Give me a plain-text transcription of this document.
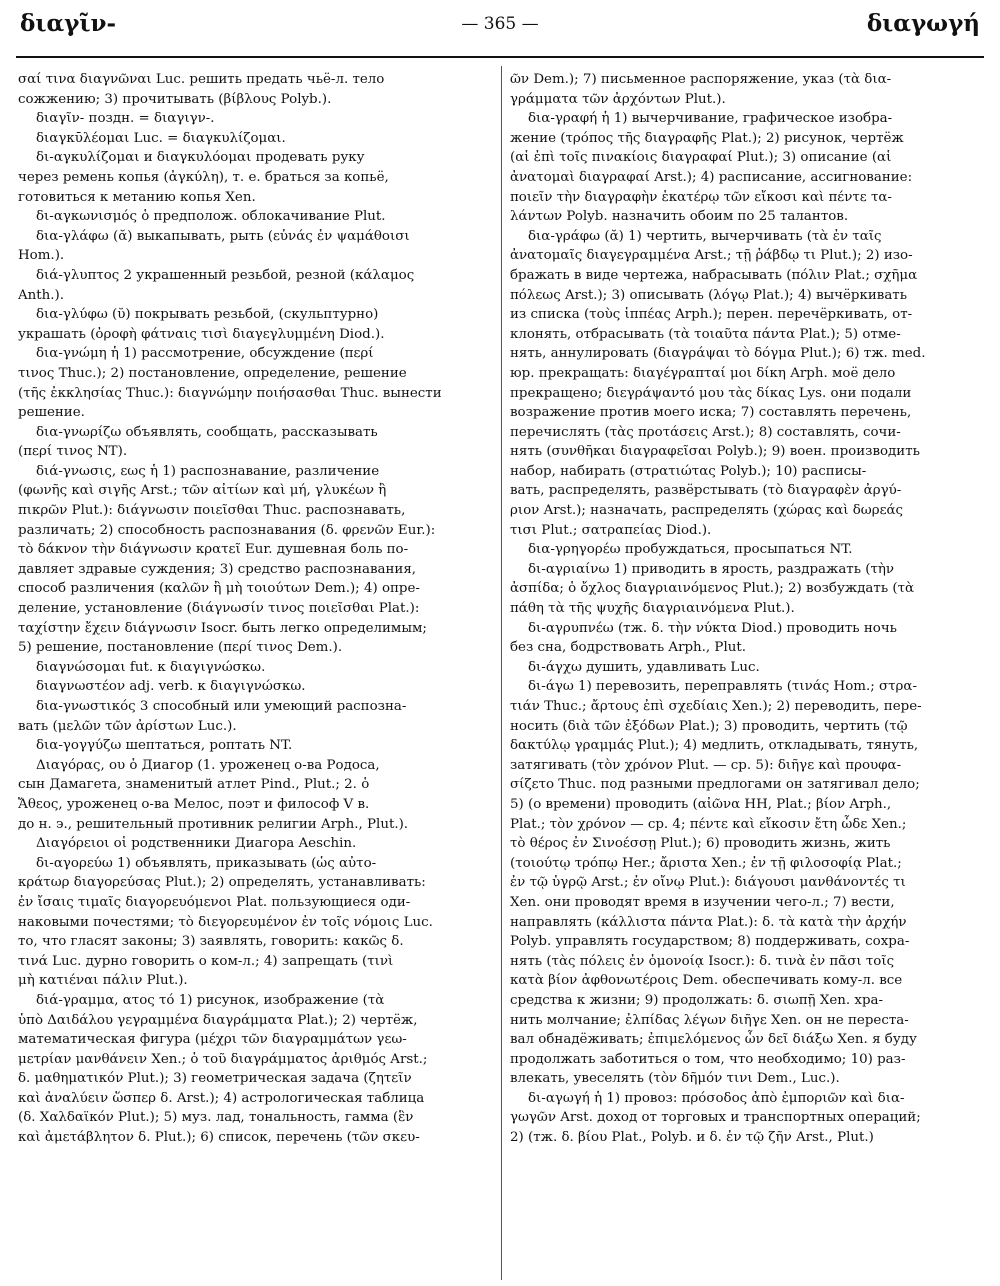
διαγῖν-	— 365 —	διαγωγή

σαί τινα διαγνῶναι Luc. решить предать чьё-л. тело

сожжению; 3) прочитывать (βίβλους Polyb.).

διαγῖν- поздн. = διαγιγν-.

διαγκῡλέομαι Luc. = διαγκυλίζομαι.

δι-αγκυλίζομαι и διαγκυλόομαι продевать руку

через ремень копья (ἀγκύλη), т. е. браться за копьё,

готовиться к метанию копья Xen.

δι-αγκωνισμός ὁ предполож. облокачивание Plut.

δια-γλάφω (ᾰ) выкапывать, рыть (εὐνάς ἐν ψαμάθοισι

Hom.).

διά-γλυπτος 2 украшенный резьбой, резной (κάλαμος

Anth.).

δια-γλύφω (ῠ) покрывать резьбой, (скульптурно)

украшать (ὀροφὴ φάτναις τισὶ διαγεγλυμμένη Diod.).

δια-γνώμη ἡ 1) рассмотрение, обсуждение (περί

τινος Thuc.); 2) постановление, определение, решение

(τῆς ἐκκλησίας Thuc.): διαγνώμην ποιήσασθαι Thuc. вынести

решение.

δια-γνωρίζω объявлять, сообщать, рассказывать

(περί τινος NT).

διά-γνωσις, εως ἡ 1) распознавание, различение

(φωνῆς καὶ σιγῆς Arst.; τῶν αἰτίων καὶ μή, γλυκέων ἢ

πικρῶν Plut.): διάγνωσιν ποιεῖσθαι Thuc. распознавать,

различать; 2) способность распознавания (δ. φρενῶν Eur.):

τὸ δάκνον τὴν διάγνωσιν κρατεῖ Eur. душевная боль по-

давляет здравые суждения; 3) средство распознавания,

способ различения (καλῶν ἢ μὴ τοιούτων Dem.); 4) опре-

деление, установление (διάγνωσίν τινος ποιεῖσθαι Plat.):

ταχίστην ἔχειν διάγνωσιν Isocr. быть легко определимым;

5) решение, постановление (περί τινος Dem.).

διαγνώσομαι fut. к διαγιγνώσκω.

διαγνωστέον adj. verb. к διαγιγνώσκω.

δια-γνωστικός 3 способный или умеющий распозна-

вать (μελῶν τῶν ἀρίστων Luc.).

δια-γογγύζω шептаться, роптать NT.

Διαγόρας, ου ὁ Диагор (1. уроженец о-ва Родоса,

сын Дамагета, знаменитый атлет Pind., Plut.; 2. ὁ

Ἄθεος, уроженец о-ва Мелос, поэт и философ V в.

до н. э., решительный противник религии Arph., Plut.).

Διαγόρειοι οἱ родственники Диагора Aeschin.

δι-αγορεύω 1) объявлять, приказывать (ὡς αὐτο-

κράτωρ διαγορεύσας Plut.); 2) определять, устанавливать:

ἐν ἴσαις τιμαῖς διαγορευόμενοι Plat. пользующиеся оди-

наковыми почестями; τὸ διεγορευμένον ἐν τοῖς νόμοις Luc.

то, что гласят законы; 3) заявлять, говорить: κακῶς δ.

τινά Luc. дурно говорить о ком-л.; 4) запрещать (τινὶ

μὴ κατιέναι πάλιν Plut.).

διά-γραμμα, ατος τό 1) рисунок, изображение (τὰ

ὑπὸ Δαιδάλου γεγραμμένα διαγράμματα Plat.); 2) чертёж,

математическая фигура (μέχρι τῶν διαγραμμάτων γεω-

μετρίαν μανθάνειν Xen.; ὁ τοῦ διαγράμματος ἀριθμός Arst.;

δ. μαθηματικόν Plut.); 3) геометрическая задача (ζητεῖν

καὶ ἀναλύειν ὥσπερ δ. Arst.); 4) астрологическая таблица

(δ. Χαλδαϊκόν Plut.); 5) муз. лад, тональность, гамма (ἓν

καὶ ἀμετάβλητον δ. Plut.); 6) список, перечень (τῶν σκευ-

ῶν Dem.); 7) письменное распоряжение, указ (τὰ δια-

γράμματα τῶν ἀρχόντων Plut.).

δια-γραφή ἡ 1) вычерчивание, графическое изобра-

жение (τρόπος τῆς διαγραφῆς Plat.); 2) рисунок, чертёж

(αἱ ἐπὶ τοῖς πινακίοις διαγραφαί Plut.); 3) описание (αἱ

ἀνατομαὶ διαγραφαί Arst.); 4) расписание, ассигнование:

ποιεῖν τὴν διαγραφὴν ἑκατέρῳ τῶν εἴκοσι καὶ πέντε τα-

λάντων Polyb. назначить обоим по 25 талантов.

δια-γράφω (ᾰ) 1) чертить, вычерчивать (τὰ ἐν ταῖς

ἀνατομαῖς διαγεγραμμένα Arst.; τῇ ῥάβδῳ τι Plut.); 2) изо-

бражать в виде чертежа, набрасывать (πόλιν Plat.; σχῆμα

πόλεως Arst.); 3) описывать (λόγῳ Plat.); 4) вычёркивать

из списка (τοὺς ἱππέας Arph.); перен. перечёркивать, от-

клонять, отбрасывать (τὰ τοιαῦτα πάντα Plat.); 5) отме-

нять, аннулировать (διαγράψαι τὸ δόγμα Plut.); 6) тж. med.

юр. прекращать: διαγέγραπταί μοι δίκη Arph. моё дело

прекращено; διεγράψαντό μου τὰς δίκας Lys. они подали

возражение против моего иска; 7) составлять перечень,

перечислять (τὰς προτάσεις Arst.); 8) составлять, сочи-

нять (συνθῆκαι διαγραφεῖσαι Polyb.); 9) воен. производить

набор, набирать (στρατιώτας Polyb.); 10) расписы-

вать, распределять, развёрстывать (τὸ διαγραφὲν ἀργύ-

ριον Arst.); назначать, распределять (χώρας καὶ δωρεάς

τισι Plut.; σατραπείας Diod.).

δια-γρηγορέω пробуждаться, просыпаться NT.

δι-αγριαίνω 1) приводить в ярость, раздражать (τὴν

ἀσπίδα; ὁ ὄχλος διαγριαινόμενος Plut.); 2) возбуждать (τὰ

πάθη τὰ τῆς ψυχῆς διαγριαινόμενα Plut.).

δι-αγρυπνέω (тж. δ. τὴν νύκτα Diod.) проводить ночь

без сна, бодрствовать Arph., Plut.

δι-άγχω душить, удавливать Luc.

δι-άγω 1) перевозить, переправлять (τινάς Hom.; στρα-

τιάν Thuc.; ἄρτους ἐπὶ σχεδίαις Xen.); 2) переводить, пере-

носить (διὰ τῶν ἐξόδων Plat.); 3) проводить, чертить (τῷ

δακτύλῳ γραμμάς Plut.); 4) медлить, откладывать, тянуть,

затягивать (τὸν χρόνον Plut. — ср. 5): διῆγε καὶ προυφα-

σίζετο Thuc. под разными предлогами он затягивал дело;

5) (о времени) проводить (αἰῶνα HH, Plat.; βίον Arph.,

Plat.; τὸν χρόνον — ср. 4; πέντε καὶ εἴκοσιν ἔτη ὧδε Xen.;

τὸ θέρος ἐν Σινοέσσῃ Plut.); 6) проводить жизнь, жить

(τοιούτῳ τρόπῳ Her.; ἄριστα Xen.; ἐν τῇ φιλοσοφίᾳ Plat.;

ἐν τῷ ὑγρῷ Arst.; ἐν οἴνῳ Plut.): διάγουσι μανθάνοντές τι

Xen. они проводят время в изучении чего-л.; 7) вести,

направлять (κάλλιστα πάντα Plat.): δ. τὰ κατὰ τὴν ἀρχήν

Polyb. управлять государством; 8) поддерживать, сохра-

нять (τὰς πόλεις ἐν ὁμονοίᾳ Isocr.): δ. τινὰ ἐν πᾶσι τοῖς

κατὰ βίον ἀφθονωτέροις Dem. обеспечивать кому-л. все

средства к жизни; 9) продолжать: δ. σιωπῇ Xen. хра-

нить молчание; ἐλπίδας λέγων διῆγε Xen. он не переста-

вал обнадёживать; ἐπιμελόμενος ὧν δεῖ διάξω Xen. я буду

продолжать заботиться о том, что необходимо; 10) раз-

влекать, увеселять (τὸν δῆμόν τινι Dem., Luc.).

δι-αγωγή ἡ 1) провоз: πρόσοδος ἀπὸ ἐμποριῶν καὶ δια-

γωγῶν Arst. доход от торговых и транспортных операций;

2) (тж. δ. βίου Plat., Polyb. и δ. ἐν τῷ ζῆν Arst., Plut.)
